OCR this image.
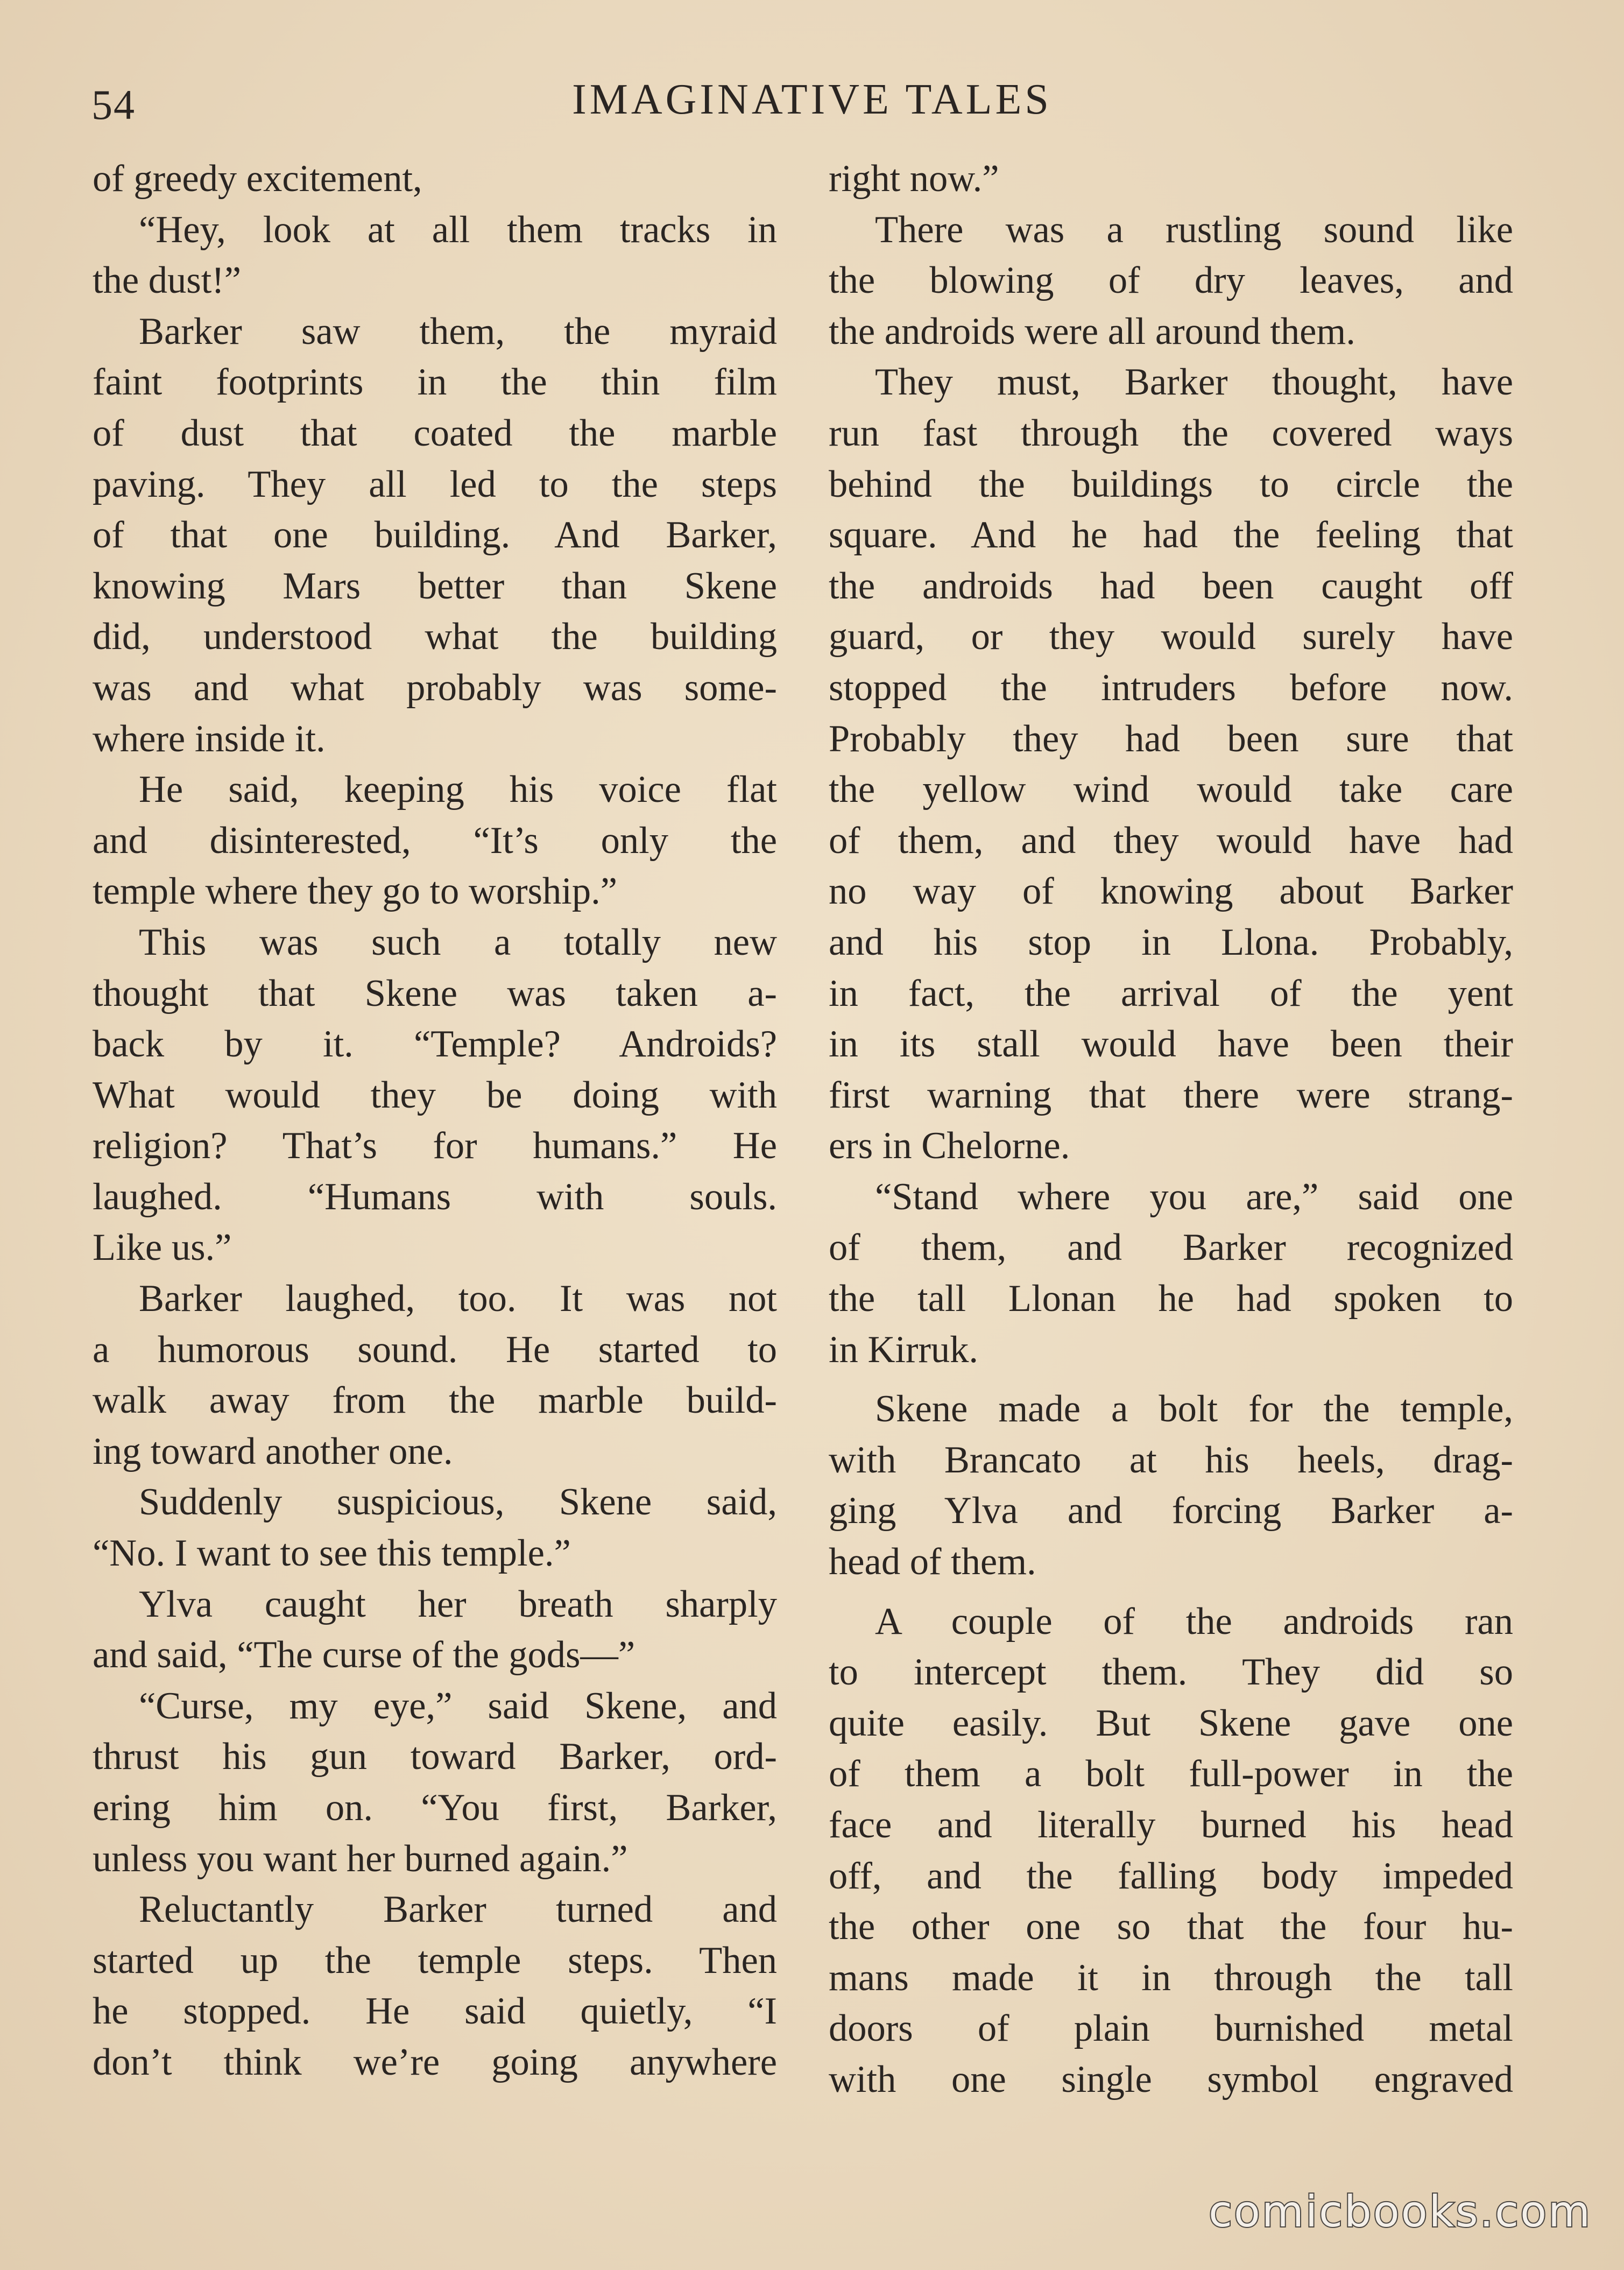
54	IMAGINATIVE TALES
of greedy excitement,
“Hey, look at all them tracks in
the dust!”
Barker saw them, the myraid
faint footprints in the thin film
of dust that coated the marble
paving. They all led to the steps
of that one building. And Barker,
knowing Mars better than Skene
did, understood what the building
was and what probably was some-
where inside it.
He said, keeping his voice flat
and disinterested, “It’s only the
temple where they go to worship.”
This was such a totally new
thought that Skene was taken a-
back by it. “Temple? Androids?
What would they be doing with
religion? That’s for humans.” He
laughed. “Humans with souls.
Like us.”
Barker laughed, too. It was not
a humorous sound. He started to
walk away from the marble build-
ing toward another one.
Suddenly suspicious, Skene said,
“No. I want to see this temple.”
Ylva caught her breath sharply
and said, “The curse of the gods—”
“Curse, my eye,” said Skene, and
thrust his gun toward Barker, ord-
ering him on. “You first, Barker,
unless you want her burned again.”
Reluctantly Barker turned and
started up the temple steps. Then
he stopped. He said quietly, “I
don’t think we’re going anywhere
right now.”
There was a rustling sound like
the blowing of dry leaves, and
the androids were all around them.
They must, Barker thought, have
run fast through the covered ways
behind the buildings to circle the
square. And he had the feeling that
the androids had been caught off
guard, or they would surely have
stopped the intruders before now.
Probably they had been sure that
the yellow wind would take care
of them, and they would have had
no way of knowing about Barker
and his stop in Llona. Probably,
in fact, the arrival of the yent
in its stall would have been their
first warning that there were strang-
ers in Chelorne.
“Stand where you are,” said one
of them, and Barker recognized
the tall Llonan he had spoken to
in Kirruk.
Skene made a bolt for the temple,
with Brancato at his heels, drag-
ging Ylva and forcing Barker a-
head of them.
A couple of the androids ran
to intercept them. They did so
quite easily. But Skene gave one
of them a bolt full-power in the
face and literally burned his head
off, and the falling body impeded
the other one so that the four hu-
mans made it in through the tall
doors of plain burnished metal
with one single symbol engraved
comicbooks.com
